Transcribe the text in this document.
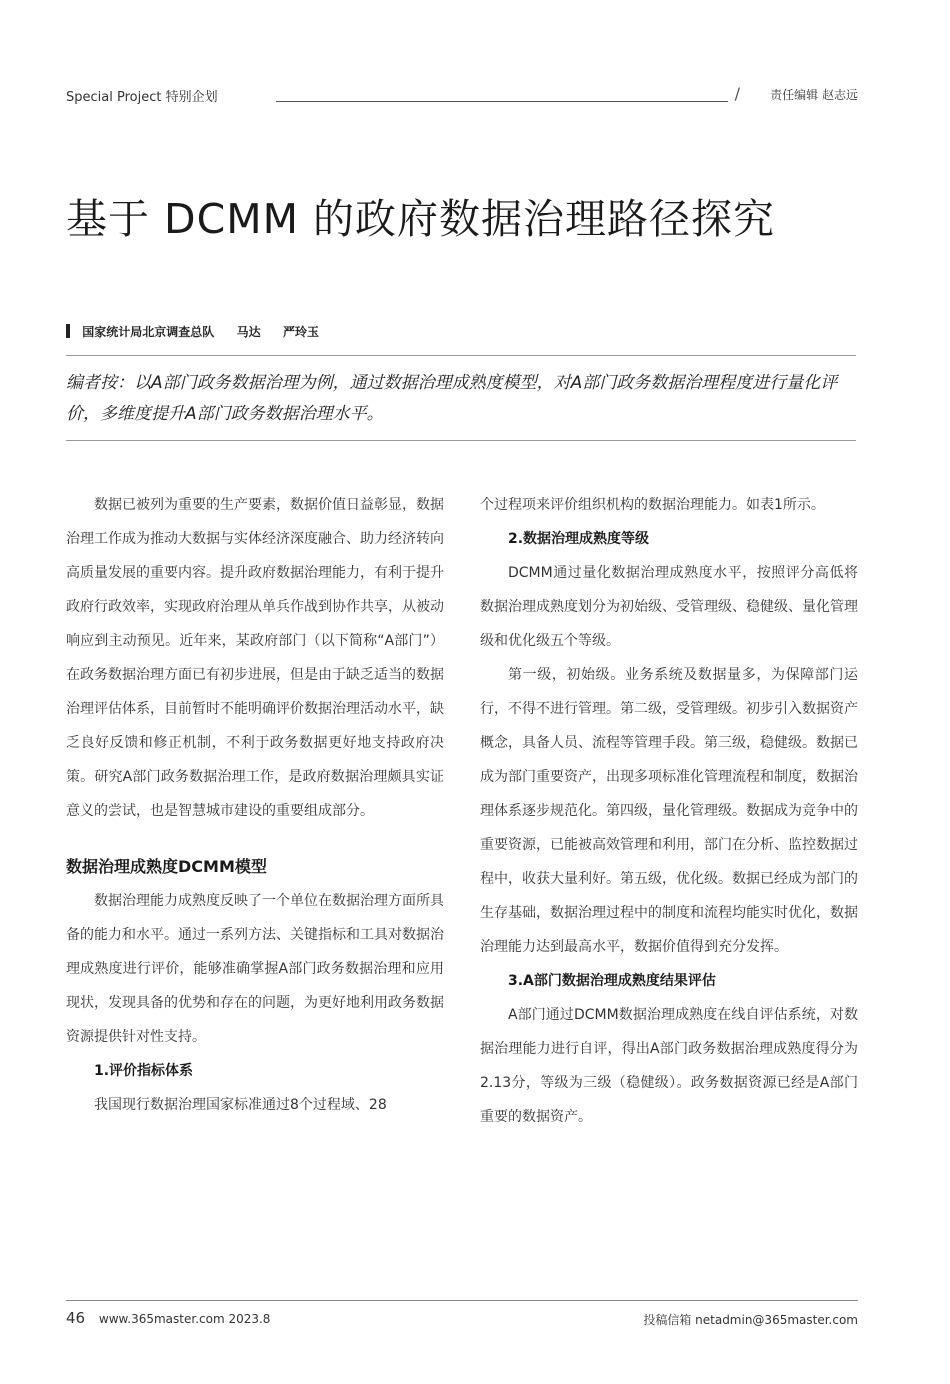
Special Project 特别企划	/	责任编辑 赵志远
基于 DCMM 的政府数据治理路径探究
国家统计局北京调查总队 马达 严玲玉
编者按：以A部门政务数据治理为例，通过数据治理成熟度模型，对A部门政务数据治理程度进行量化评价，多维度提升A部门政务数据治理水平。

数据已被列为重要的生产要素，数据价值日益彰显，数据治理工作成为推动大数据与实体经济深度融合、助力经济转向高质量发展的重要内容。提升政府数据治理能力，有利于提升政府行政效率，实现政府治理从单兵作战到协作共享，从被动响应到主动预见。近年来，某政府部门（以下简称“A部门”）在政务数据治理方面已有初步进展，但是由于缺乏适当的数据治理评估体系，目前暂时不能明确评价数据治理活动水平，缺乏良好反馈和修正机制，不利于政务数据更好地支持政府决策。研究A部门政务数据治理工作，是政府数据治理颇具实证意义的尝试，也是智慧城市建设的重要组成部分。

数据治理成熟度DCMM模型

数据治理能力成熟度反映了一个单位在数据治理方面所具备的能力和水平。通过一系列方法、关键指标和工具对数据治理成熟度进行评价，能够准确掌握A部门政务数据治理和应用现状，发现具备的优势和存在的问题，为更好地利用政务数据资源提供针对性支持。

1.评价指标体系

我国现行数据治理国家标准通过8个过程域、28

个过程项来评价组织机构的数据治理能力。如表1所示。

2.数据治理成熟度等级

DCMM通过量化数据治理成熟度水平，按照评分高低将数据治理成熟度划分为初始级、受管理级、稳健级、量化管理级和优化级五个等级。

第一级，初始级。业务系统及数据量多，为保障部门运行，不得不进行管理。第二级，受管理级。初步引入数据资产概念，具备人员、流程等管理手段。第三级，稳健级。数据已成为部门重要资产，出现多项标准化管理流程和制度，数据治理体系逐步规范化。第四级，量化管理级。数据成为竞争中的重要资源，已能被高效管理和利用，部门在分析、监控数据过程中，收获大量利好。第五级，优化级。数据已经成为部门的生存基础，数据治理过程中的制度和流程均能实时优化，数据治理能力达到最高水平，数据价值得到充分发挥。

3.A部门数据治理成熟度结果评估

A部门通过DCMM数据治理成熟度在线自评估系统，对数据治理能力进行自评，得出A部门政务数据治理成熟度得分为2.13分，等级为三级（稳健级）。政务数据资源已经是A部门重要的数据资产。

46 www.365master.com 2023.8	投稿信箱 netadmin@365master.com
